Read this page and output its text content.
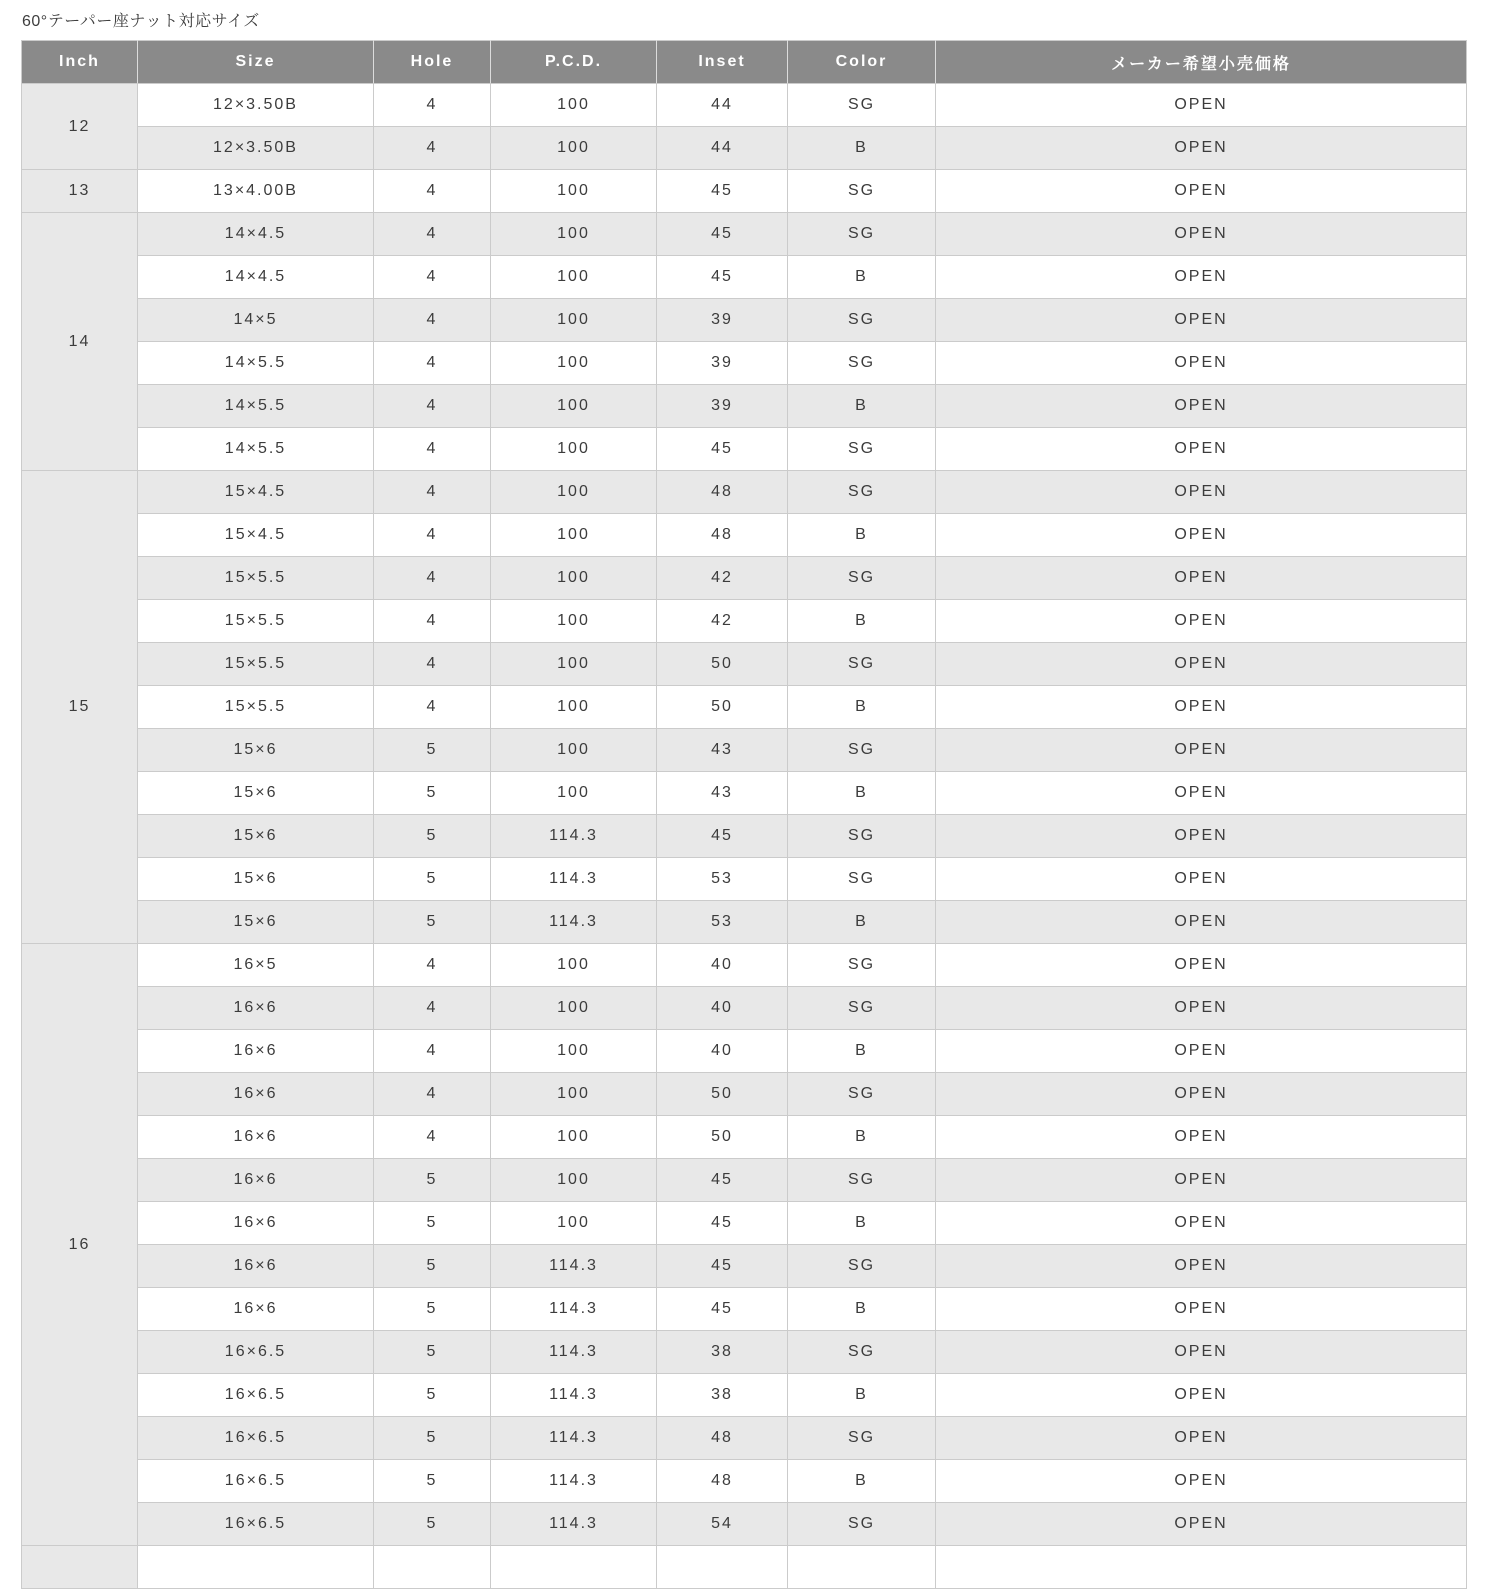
60°テーパー座ナット対応サイズ
Inch	Size	Hole	P.C.D.	Inset	Color	メーカー希望小売価格
12	12×3.50B	4	100	44	SG	OPEN
	12×3.50B	4	100	44	B	OPEN
13	13×4.00B	4	100	45	SG	OPEN
14	14×4.5	4	100	45	SG	OPEN
	14×4.5	4	100	45	B	OPEN
	14×5	4	100	39	SG	OPEN
	14×5.5	4	100	39	SG	OPEN
	14×5.5	4	100	39	B	OPEN
	14×5.5	4	100	45	SG	OPEN
15	15×4.5	4	100	48	SG	OPEN
	15×4.5	4	100	48	B	OPEN
	15×5.5	4	100	42	SG	OPEN
	15×5.5	4	100	42	B	OPEN
	15×5.5	4	100	50	SG	OPEN
	15×5.5	4	100	50	B	OPEN
	15×6	5	100	43	SG	OPEN
	15×6	5	100	43	B	OPEN
	15×6	5	114.3	45	SG	OPEN
	15×6	5	114.3	53	SG	OPEN
	15×6	5	114.3	53	B	OPEN
16	16×5	4	100	40	SG	OPEN
	16×6	4	100	40	SG	OPEN
	16×6	4	100	40	B	OPEN
	16×6	4	100	50	SG	OPEN
	16×6	4	100	50	B	OPEN
	16×6	5	100	45	SG	OPEN
	16×6	5	100	45	B	OPEN
	16×6	5	114.3	45	SG	OPEN
	16×6	5	114.3	45	B	OPEN
	16×6.5	5	114.3	38	SG	OPEN
	16×6.5	5	114.3	38	B	OPEN
	16×6.5	5	114.3	48	SG	OPEN
	16×6.5	5	114.3	48	B	OPEN
	16×6.5	5	114.3	54	SG	OPEN
